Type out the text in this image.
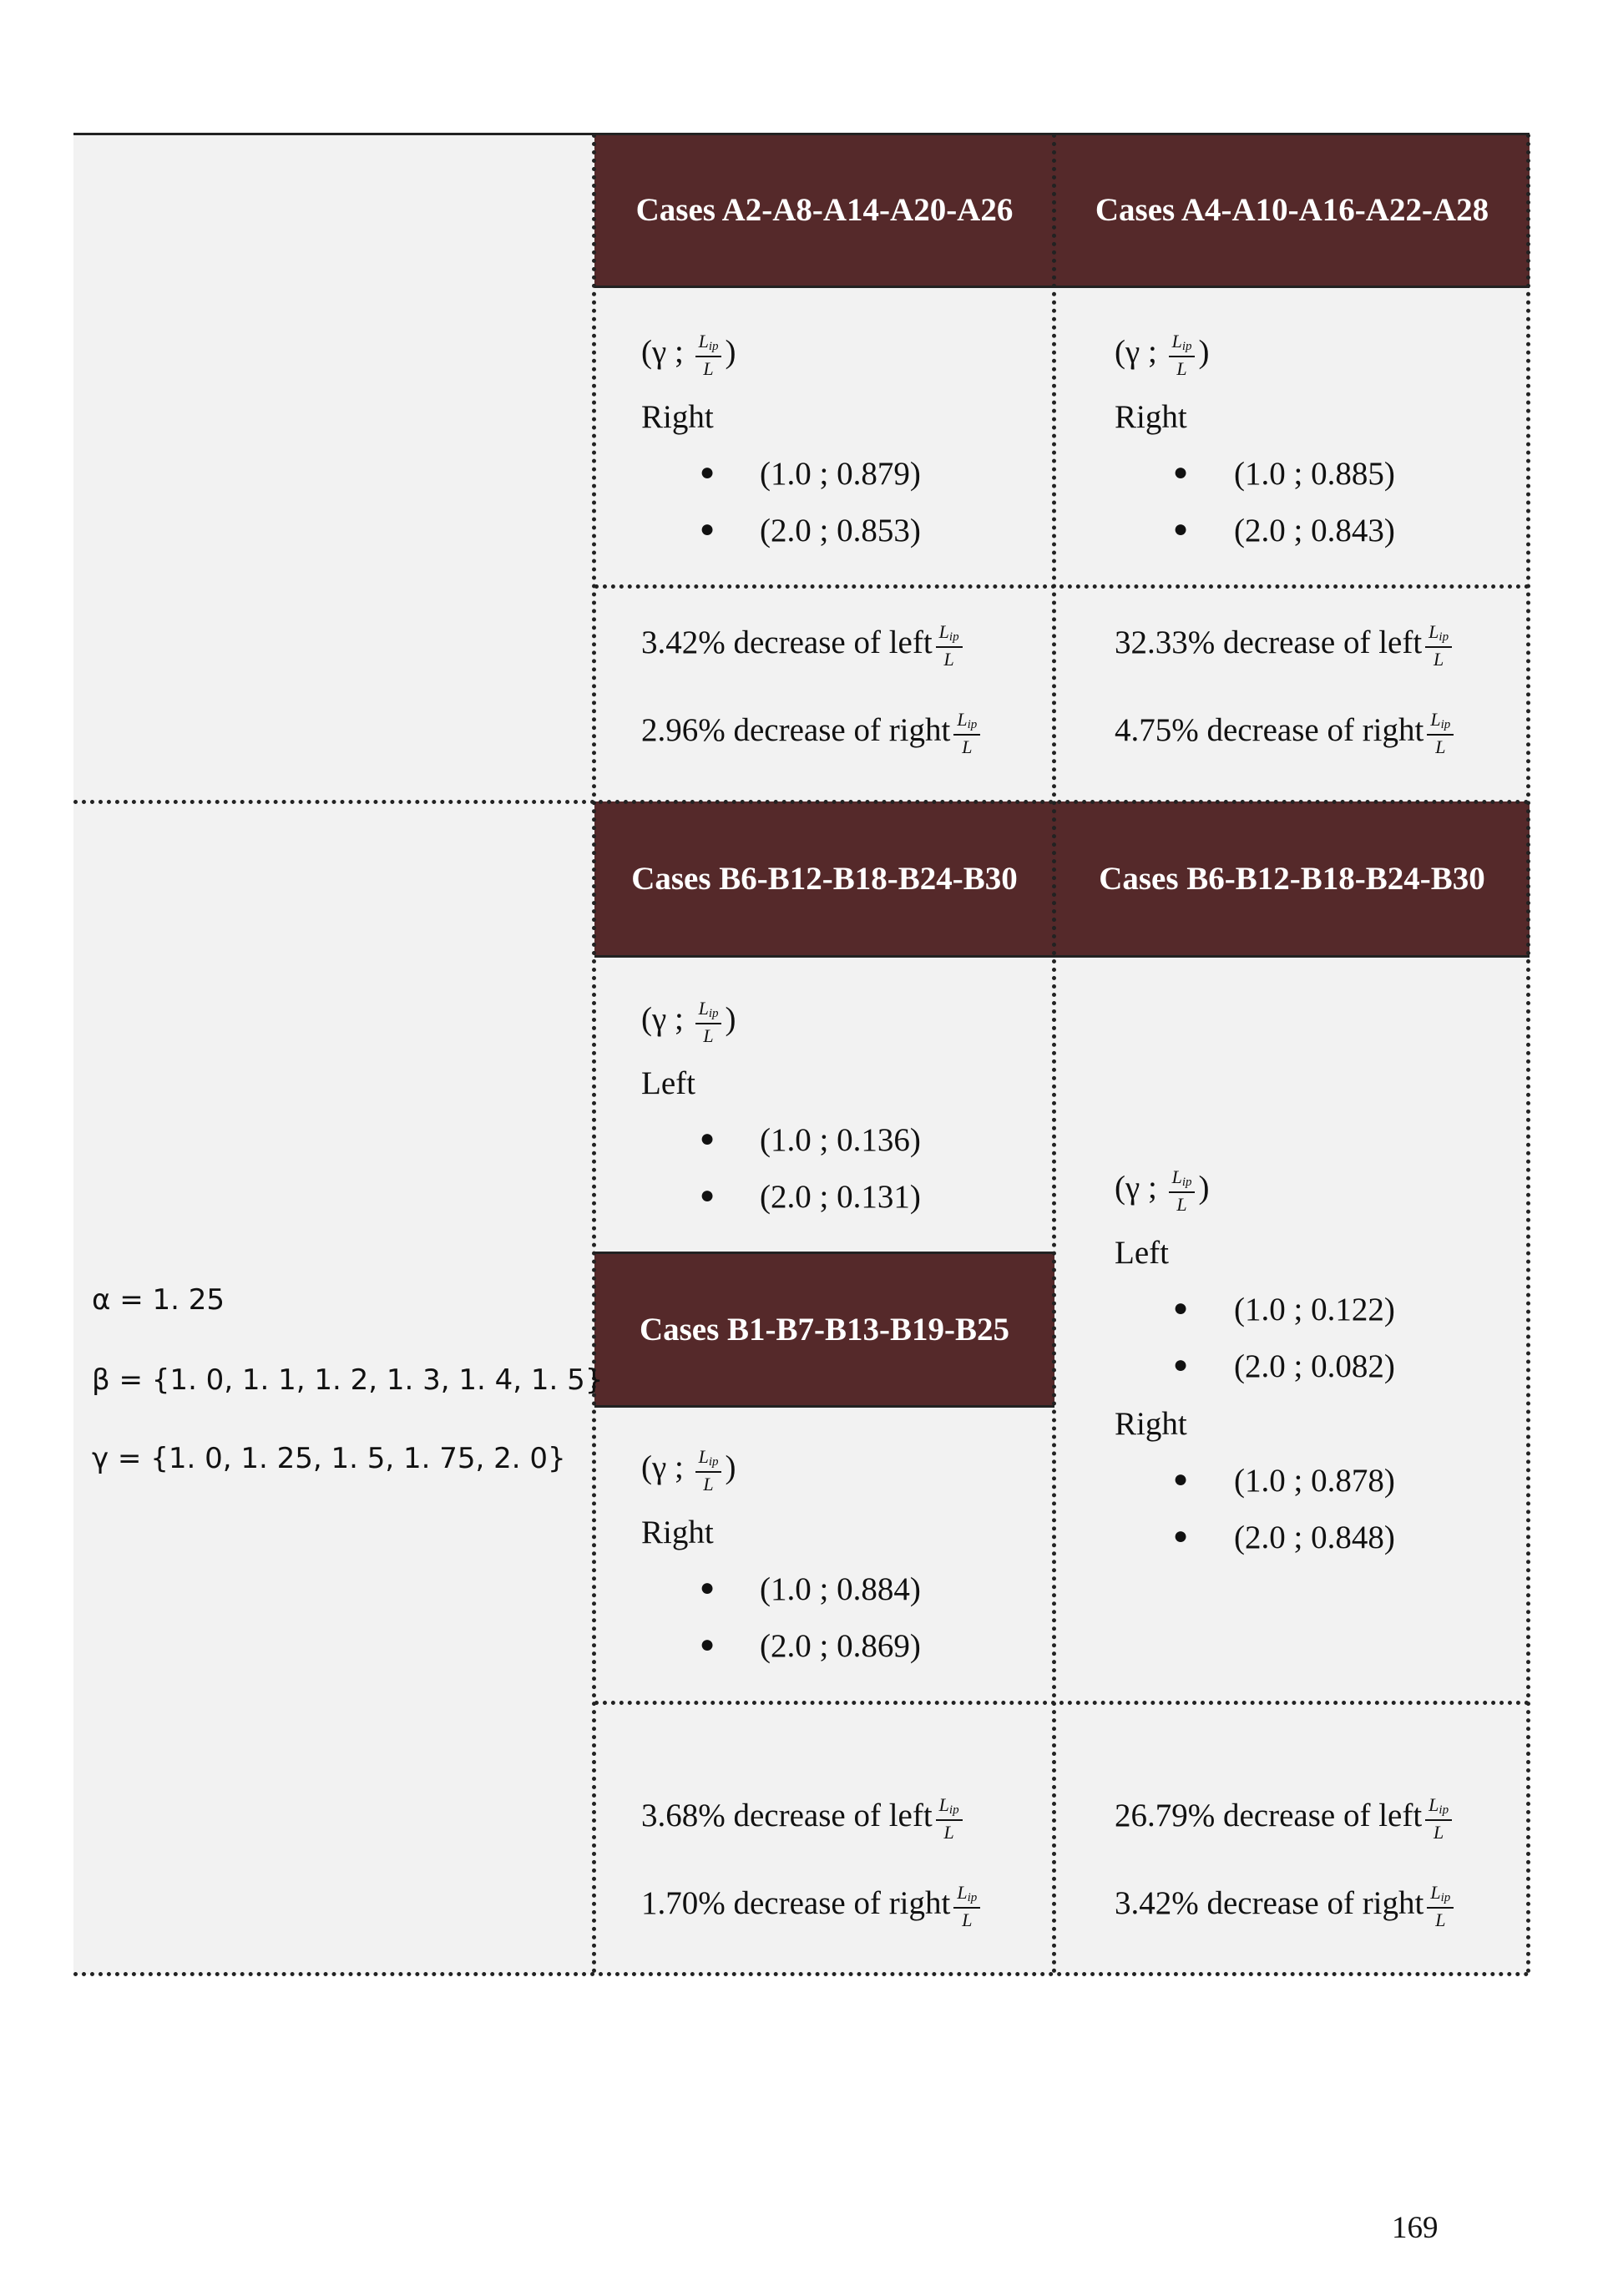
Cases A2-A8-A14-A20-A26	Cases A4-A10-A16-A22-A28
Cases B6-B12-B18-B24-B30	Cases B6-B12-B18-B24-B30
Cases B1-B7-B13-B19-B25
(γ ; $\frac{L_{ip}}{L}$ )
Right
● (1.0 ; 0.879)
● (2.0 ; 0.853)
(γ ; $\frac{L_{ip}}{L}$ )
Right
● (1.0 ; 0.885)
● (2.0 ; 0.843)
3.42% decrease of left $\frac{L_{ip}}{L}$
2.96% decrease of right $\frac{L_{ip}}{L}$
32.33% decrease of left $\frac{L_{ip}}{L}$
4.75% decrease of right $\frac{L_{ip}}{L}$
(γ ; $\frac{L_{ip}}{L}$ )
Left
● (1.0 ; 0.136)
● (2.0 ; 0.131)
(γ ; $\frac{L_{ip}}{L}$ )
Right
● (1.0 ; 0.884)
● (2.0 ; 0.869)
(γ ; $\frac{L_{ip}}{L}$ )
Left
● (1.0 ; 0.122)
● (2.0 ; 0.082)
Right
● (1.0 ; 0.878)
● (2.0 ; 0.848)
3.68% decrease of left $\frac{L_{ip}}{L}$
1.70% decrease of right $\frac{L_{ip}}{L}$
26.79% decrease of left $\frac{L_{ip}}{L}$
3.42% decrease of right $\frac{L_{ip}}{L}$
α = 1. 25
β = {1. 0, 1. 1, 1. 2, 1. 3, 1. 4, 1. 5}
γ = {1. 0, 1. 25, 1. 5, 1. 75, 2. 0}
169
